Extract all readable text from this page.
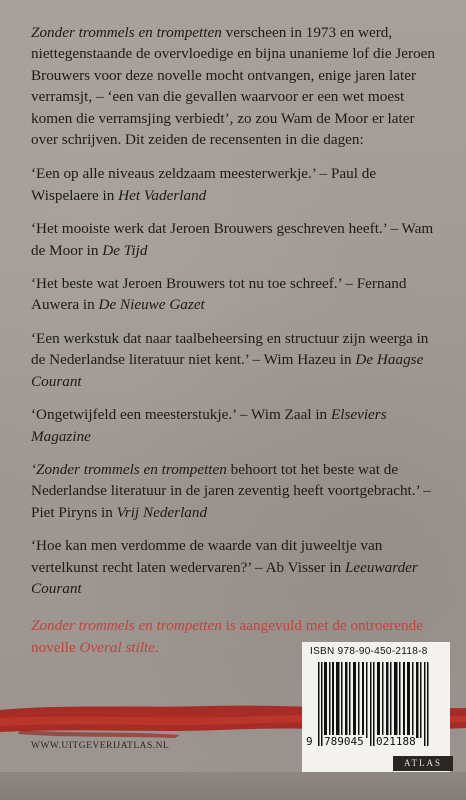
Zonder trommels en trompetten verscheen in 1973 en werd, niettegenstaande de overvloedige en bijna unanieme lof die Jeroen Brouwers voor deze novelle mocht ontvangen, enige jaren later verramsjt, – ‘een van die gevallen waarvoor er een wet moest komen die verramsjing verbiedt’, zo zou Wam de Moor er later over schrijven. Dit zeiden de recensenten in die dagen:

‘Een op alle niveaus zeldzaam meesterwerkje.’ – Paul de Wispelaere in Het Vaderland

‘Het mooiste werk dat Jeroen Brouwers geschreven heeft.’ – Wam de Moor in De Tijd

‘Het beste wat Jeroen Brouwers tot nu toe schreef.’ – Fernand Auwera in De Nieuwe Gazet

‘Een werkstuk dat naar taalbeheersing en structuur zijn weerga in de Nederlandse literatuur niet kent.’ – Wim Hazeu in De Haagse Courant

‘Ongetwijfeld een meesterstukje.’ – Wim Zaal in Elseviers Magazine

‘Zonder trommels en trompetten behoort tot het beste wat de Nederlandse literatuur in de jaren zeventig heeft voortgebracht.’ – Piet Piryns in Vrij Nederland

‘Hoe kan men verdomme de waarde van dit juweeltje van vertelkunst recht laten wedervaren?’ – Ab Visser in Leeuwarder Courant

Zonder trommels en trompetten is aangevuld met de ontroerende novelle Overal stilte.

WWW.UITGEVERIJATLAS.NL
ISBN 978-90-450-2118-8
9 789045 021188
ATLAS
